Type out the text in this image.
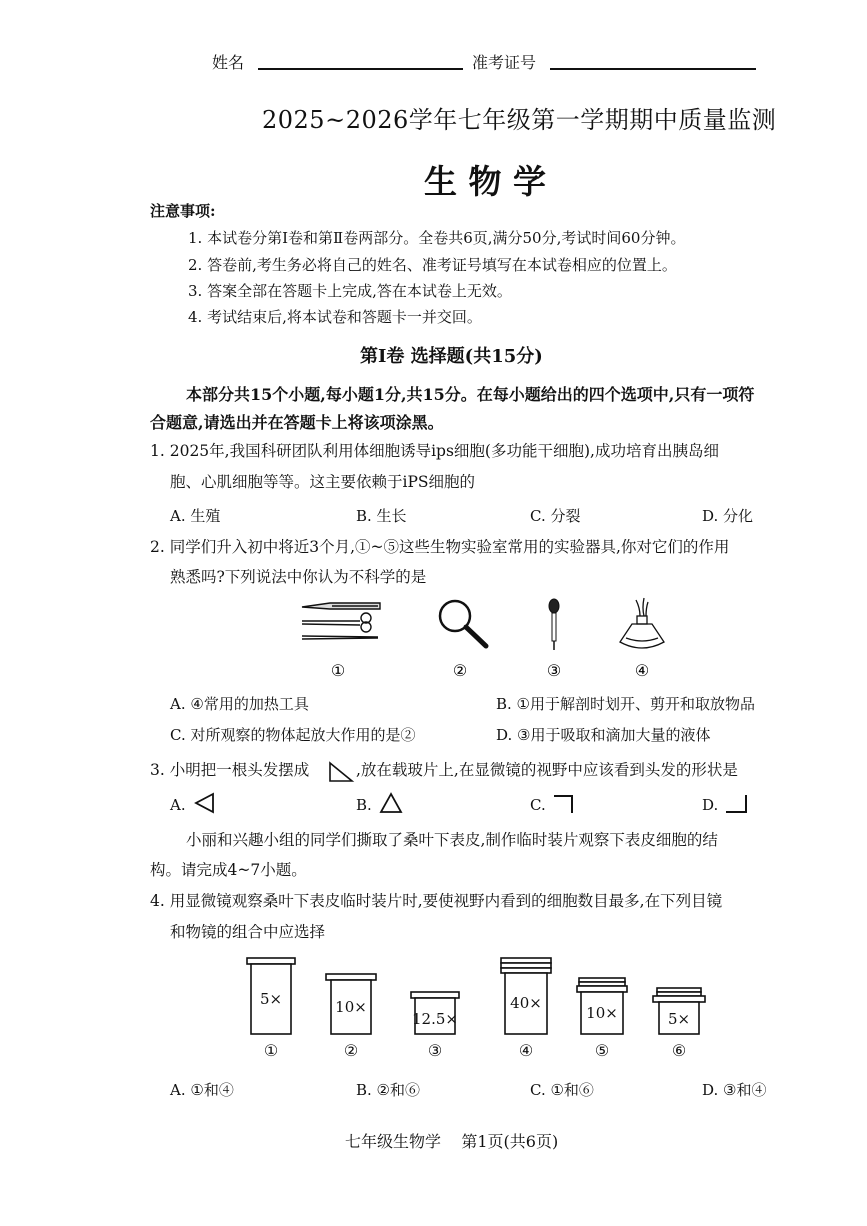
姓名	准考证号
2025~2026学年七年级第一学期期中质量监测
生 物 学
注意事项:
1. 本试卷分第Ⅰ卷和第Ⅱ卷两部分。全卷共6页,满分50分,考试时间60分钟。
2. 答卷前,考生务必将自己的姓名、准考证号填写在本试卷相应的位置上。
3. 答案全部在答题卡上完成,答在本试卷上无效。
4. 考试结束后,将本试卷和答题卡一并交回。
第Ⅰ卷 选择题(共15分)
本部分共15个小题,每小题1分,共15分。在每小题给出的四个选项中,只有一项符
合题意,请选出并在答题卡上将该项涂黑。
1. 2025年,我国科研团队利用体细胞诱导ips细胞(多功能干细胞),成功培育出胰岛细
胞、心肌细胞等等。这主要依赖于iPS细胞的
A. 生殖	B. 生长	C. 分裂	D. 分化
2. 同学们升入初中将近3个月,①~⑤这些生物实验室常用的实验器具,你对它们的作用
熟悉吗?下列说法中你认为不科学的是
①	②	③	④
A. ④常用的加热工具	B. ①用于解剖时划开、剪开和取放物品
C. 对所观察的物体起放大作用的是②	D. ③用于吸取和滴加大量的液体
3. 小明把一根头发摆成	,放在载玻片上,在显微镜的视野中应该看到头发的形状是
A.	B.	C.	D.
小丽和兴趣小组的同学们撕取了桑叶下表皮,制作临时装片观察下表皮细胞的结
构。请完成4~7小题。
4. 用显微镜观察桑叶下表皮临时装片时,要使视野内看到的细胞数目最多,在下列目镜
和物镜的组合中应选择
5×	10×
12.5×
40×
10×	5×
①	②	③	④	⑤	⑥
A. ①和④	B. ②和⑥	C. ①和⑥	D. ③和④
七年级生物学    第1页(共6页)
